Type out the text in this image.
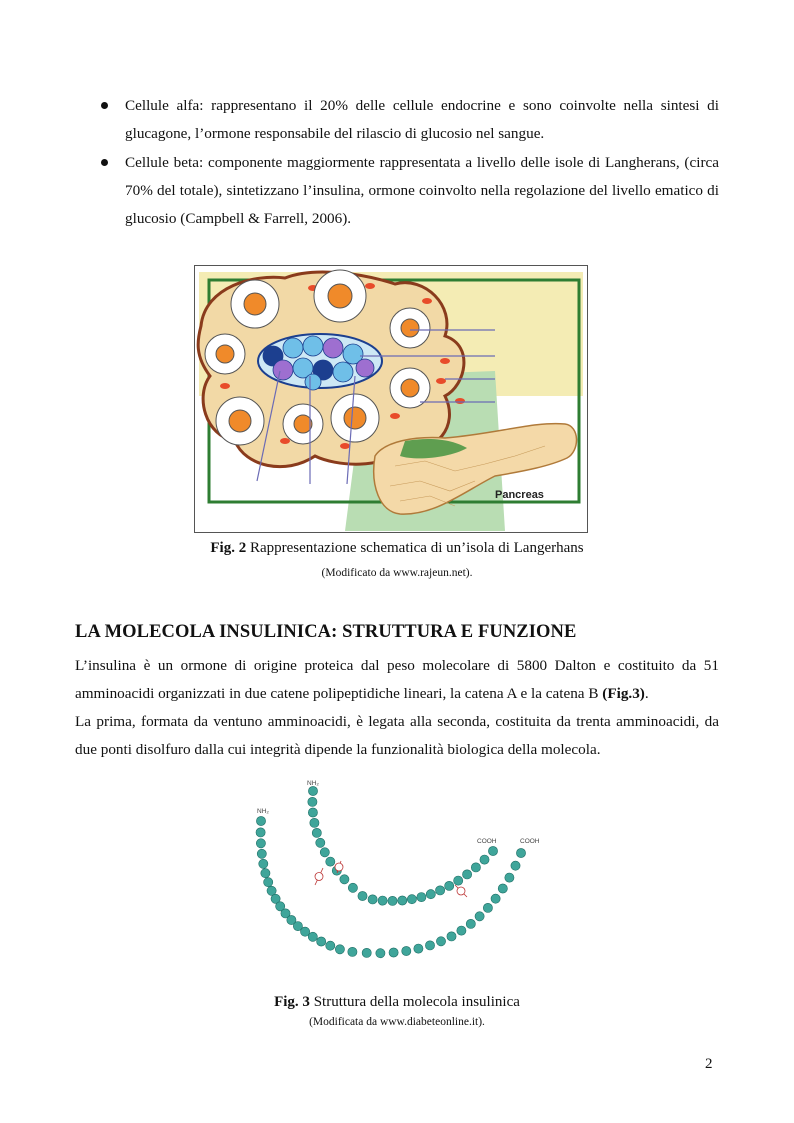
Cellule alfa: rappresentano il 20% delle cellule endocrine e sono coinvolte nella sintesi di glucagone, l’ormone responsabile del rilascio di glucosio nel sangue.
Cellule beta: componente maggiormente rappresentata a livello delle isole di Langherans, (circa 70% del totale), sintetizzano l’insulina, ormone coinvolto nella regolazione del livello ematico di glucosio (Campbell & Farrell, 2006).
Pancreas
Fig. 2 Rappresentazione schematica di un’isola di Langerhans
(Modificato da www.rajeun.net).
LA MOLECOLA INSULINICA: STRUTTURA E FUNZIONE

L’insulina è un ormone di origine proteica dal peso molecolare di 5800 Dalton e costituito da 51

amminoacidi organizzati in due catene polipeptidiche lineari, la catena A e la catena B (Fig.3).

La prima, formata da ventuno amminoacidi, è legata alla seconda, costituita da trenta amminoacidi, da due ponti disolfuro dalla cui integrità dipende la funzionalità biologica della molecola.

NH₂
NH₂
COOH	COOH
Fig. 3 Struttura della molecola insulinica
(Modificata da www.diabeteonline.it).
2
